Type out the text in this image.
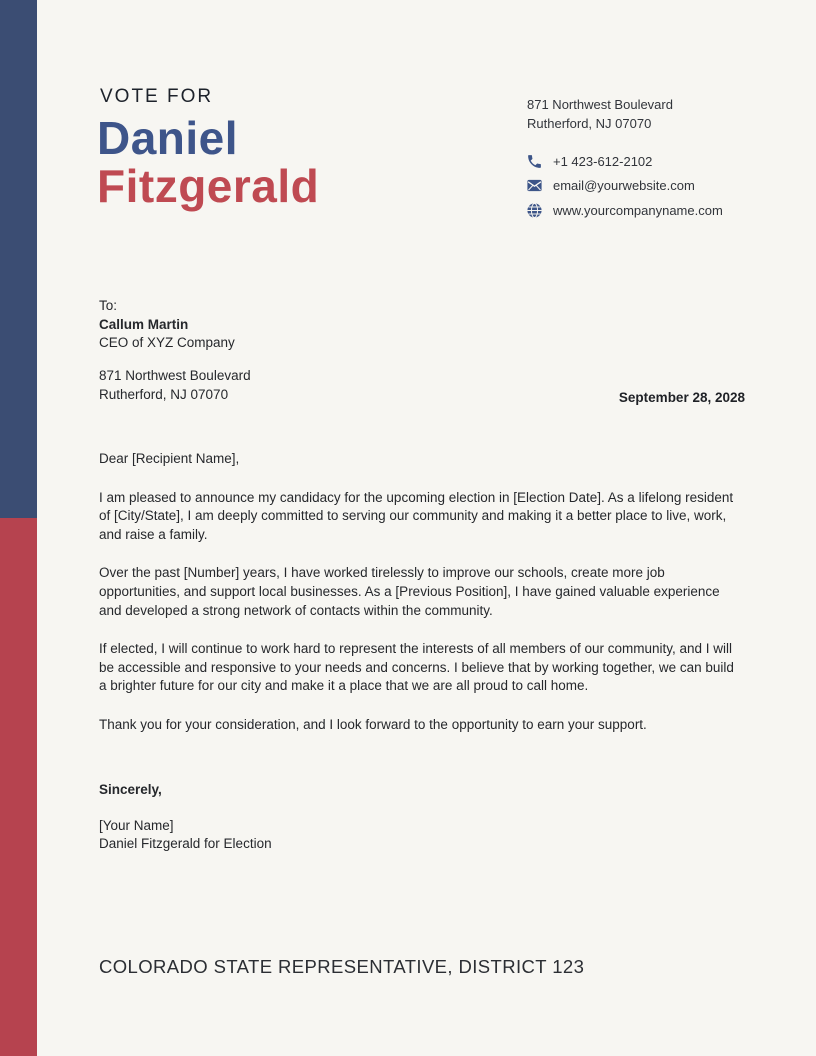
VOTE FOR
Daniel
Fitzgerald
871 Northwest Boulevard
Rutherford, NJ 07070
+1 423-612-2102
email@yourwebsite.com
www.yourcompanyname.com
To:
Callum Martin
CEO of XYZ Company
871 Northwest Boulevard
Rutherford, NJ 07070	September 28, 2028

Dear [Recipient Name],

I am pleased to announce my candidacy for the upcoming election in [Election Date]. As a lifelong resident of [City/State], I am deeply committed to serving our community and making it a better place to live, work, and raise a family.

Over the past [Number] years, I have worked tirelessly to improve our schools, create more job opportunities, and support local businesses. As a [Previous Position], I have gained valuable experience and developed a strong network of contacts within the community.

If elected, I will continue to work hard to represent the interests of all members of our community, and I will be accessible and responsive to your needs and concerns. I believe that by working together, we can build a brighter future for our city and make it a place that we are all proud to call home.

Thank you for your consideration, and I look forward to the opportunity to earn your support.

Sincerely,

[Your Name]

Daniel Fitzgerald for Election

COLORADO STATE REPRESENTATIVE, DISTRICT 123
